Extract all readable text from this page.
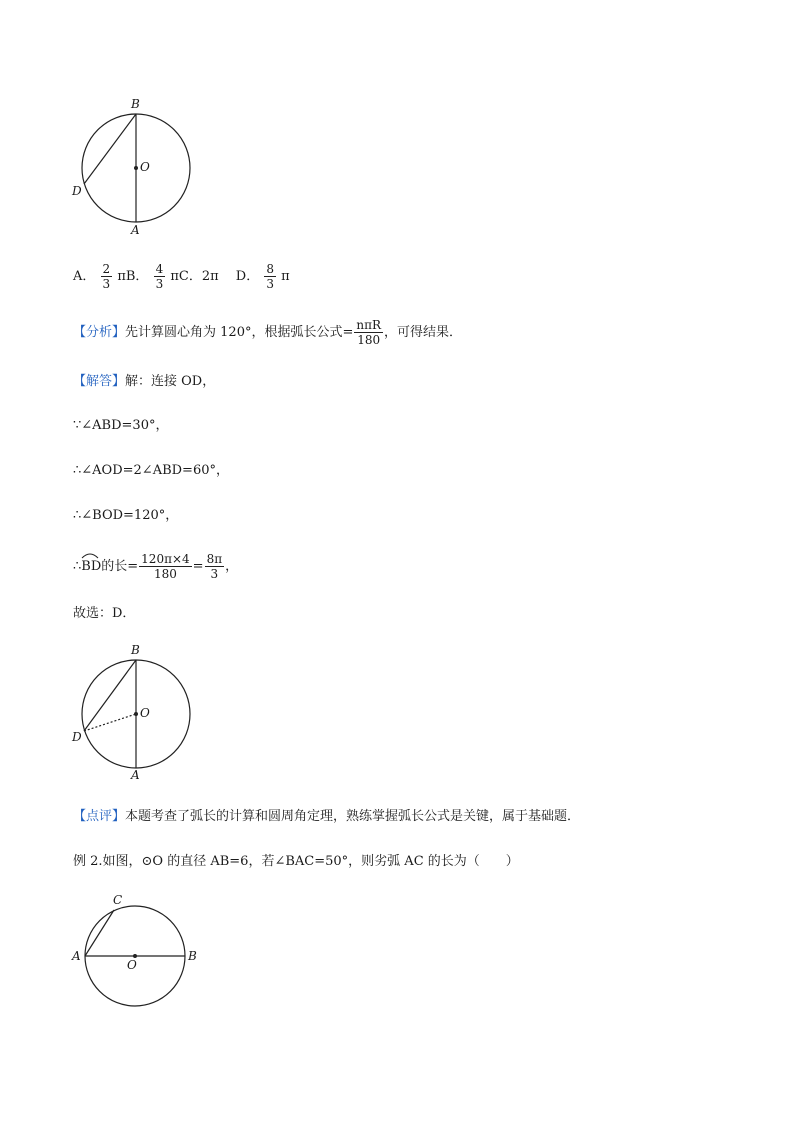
B
O
D
A
A． $\frac{2}{3}$ πB． $\frac{4}{3}$ πC．2π　 D． $\frac{8}{3}$ π
【分析】先计算圆心角为 120°，根据弧长公式= $\frac{\text{nπR}}{180}$ ，可得结果．
【解答】解：连接 OD，
∵∠ABD=30°，
∴∠AOD=2∠ABD=60°，
∴∠BOD=120°，
∴
BD的长= $\frac{120\pi\times 4}{180} = \frac{8\pi}{3}$ ，
故选：D．
B
O
D
A
【点评】本题考查了弧长的计算和圆周角定理，熟练掌握弧长公式是关键，属于基础题．
例 2.如图，⊙O 的直径 AB=6，若∠BAC=50°，则劣弧 AC 的长为（　　）
C
A
O
B
